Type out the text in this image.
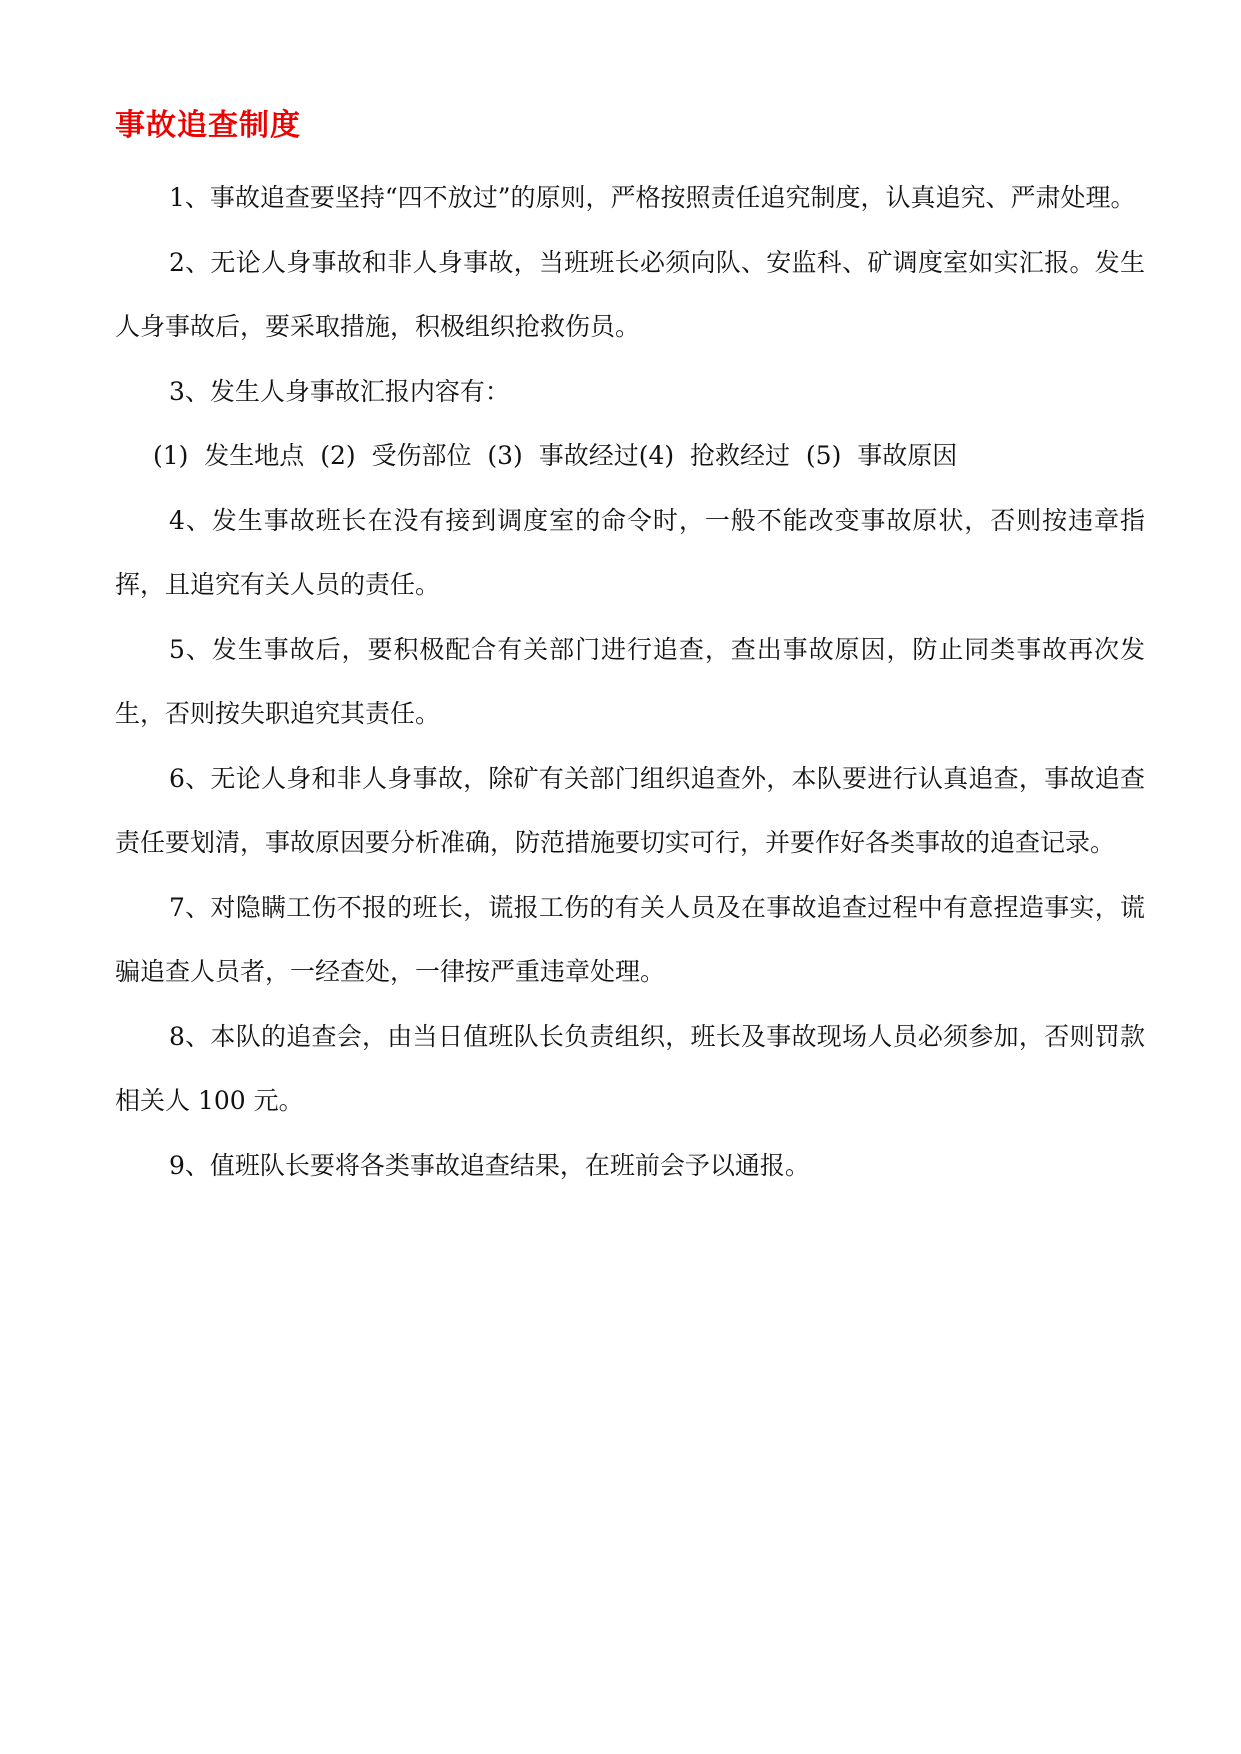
事故追查制度

1、事故追查要坚持“四不放过”的原则，严格按照责任追究制度，认真追究、严肃处理。

2、无论人身事故和非人身事故，当班班长必须向队、安监科、矿调度室如实汇报。发生人身事故后，要采取措施，积极组织抢救伤员。

3、发生人身事故汇报内容有：

(1)  发生地点  (2)  受伤部位  (3)  事故经过(4)  抢救经过  (5)  事故原因

4、发生事故班长在没有接到调度室的命令时，一般不能改变事故原状，否则按违章指挥，且追究有关人员的责任。

5、发生事故后，要积极配合有关部门进行追查，查出事故原因，防止同类事故再次发生，否则按失职追究其责任。

6、无论人身和非人身事故，除矿有关部门组织追查外，本队要进行认真追查，事故追查责任要划清，事故原因要分析准确，防范措施要切实可行，并要作好各类事故的追查记录。

7、对隐瞒工伤不报的班长，谎报工伤的有关人员及在事故追查过程中有意捏造事实，谎骗追查人员者，一经查处，一律按严重违章处理。

8、本队的追查会，由当日值班队长负责组织，班长及事故现场人员必须参加，否则罚款相关人 100 元。

9、值班队长要将各类事故追查结果，在班前会予以通报。
